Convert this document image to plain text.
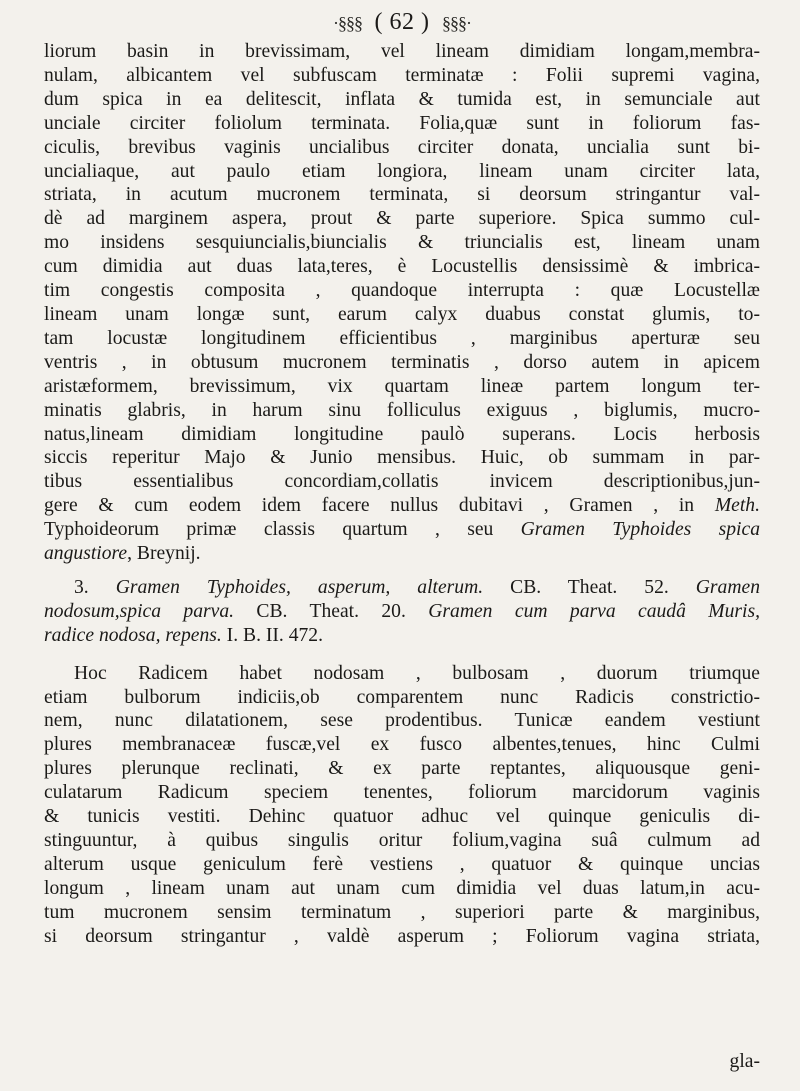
·§§§ ( 62 ) §§§·
liorum basin in brevissimam, vel lineam dimidiam longam,membra-
nulam, albicantem vel subfuscam terminatæ : Folii supremi vagina,
dum spica in ea delitescit, inflata & tumida est, in semunciale aut
unciale circiter foliolum terminata. Folia,quæ sunt in foliorum fas-
ciculis, brevibus vaginis uncialibus circiter donata, uncialia sunt bi-
uncialiaque, aut paulo etiam longiora, lineam unam circiter lata,
striata, in acutum mucronem terminata, si deorsum stringantur val-
dè ad marginem aspera, prout & parte superiore. Spica summo cul-
mo insidens sesquiuncialis,biuncialis & triuncialis est, lineam unam
cum dimidia aut duas lata,teres, è Locustellis densissimè & imbrica-
tim congestis composita , quandoque interrupta : quæ Locustellæ
lineam unam longæ sunt, earum calyx duabus constat glumis, to-
tam locustæ longitudinem efficientibus , marginibus aperturæ seu
ventris , in obtusum mucronem terminatis , dorso autem in apicem
aristæformem, brevissimum, vix quartam lineæ partem longum ter-
minatis glabris, in harum sinu folliculus exiguus , biglumis, mucro-
natus,lineam dimidiam longitudine paulò superans. Locis herbosis
siccis reperitur Majo & Junio mensibus. Huic, ob summam in par-
tibus essentialibus concordiam,collatis invicem descriptionibus,jun-
gere & cum eodem idem facere nullus dubitavi , Gramen , in Meth.
Typhoideorum primæ classis quartum , seu Gramen Typhoides spica
angustiore, Breynij.
3. Gramen Typhoides, asperum, alterum. CB. Theat. 52. Gramen
nodosum,spica parva. CB. Theat. 20. Gramen cum parva caudâ Muris,
radice nodosa, repens. I. B. II. 472.
Hoc Radicem habet nodosam , bulbosam , duorum triumque
etiam bulborum indiciis,ob comparentem nunc Radicis constrictio-
nem, nunc dilatationem, sese prodentibus. Tunicæ eandem vestiunt
plures membranaceæ fuscæ,vel ex fusco albentes,tenues, hinc Culmi
plures plerunque reclinati, & ex parte reptantes, aliquousque geni-
culatarum Radicum speciem tenentes, foliorum marcidorum vaginis
& tunicis vestiti. Dehinc quatuor adhuc vel quinque geniculis di-
stinguuntur, à quibus singulis oritur folium,vagina suâ culmum ad
alterum usque geniculum ferè vestiens , quatuor & quinque uncias
longum , lineam unam aut unam cum dimidia vel duas latum,in acu-
tum mucronem sensim terminatum , superiori parte & marginibus,
si deorsum stringantur , valdè asperum ; Foliorum vagina striata,
gla-
